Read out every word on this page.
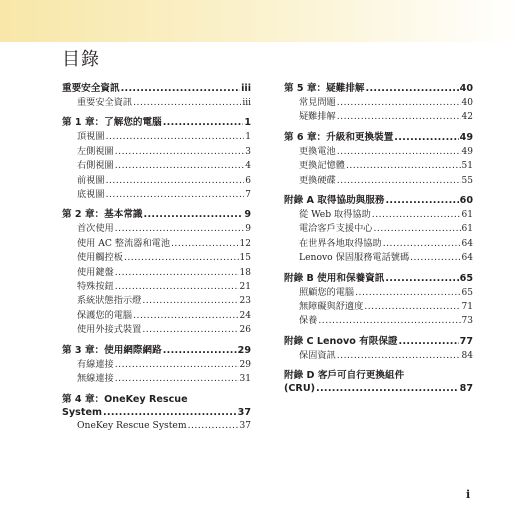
目錄
重要安全資訊 .....	iii
重要安全資訊 .....	iii
第 1 章：了解您的電腦 .....	1
頂視圖 .....	1
左側視圖 .....	3
右側視圖 .....	4
前視圖 .....	6
底視圖 .....	7
第 2 章：基本常識 .....	9
首次使用 .....	9
使用 AC 整流器和電池 .....	12
使用觸控板 .....	15
使用鍵盤 .....	18
特殊按鈕 .....	21
系統狀態指示燈 .....	23
保護您的電腦 .....	24
使用外接式裝置 .....	26
第 3 章：使用網際網路 .....	29
有線連接 .....	29
無線連接 .....	31
第 4 章：OneKey Rescue
System .....	37
OneKey Rescue System .....	37
第 5 章：疑難排解 .....	40
常見問題 .....	40
疑難排解 .....	42
第 6 章：升級和更換裝置 .....	49
更換電池 .....	49
更換記憶體 .....	51
更換硬碟 .....	55
附錄 A 取得協助與服務 .....	60
從 Web 取得協助 .....	61
電洽客戶支援中心 .....	61
在世界各地取得協助 .....	64
Lenovo 保固服務電話號碼 .....	64
附錄 B 使用和保養資訊 .....	65
照顧您的電腦 .....	65
無障礙與舒適度 .....	71
保養 .....	73
附錄 C Lenovo 有限保證 .....	77
保固資訊 .....	84
附錄 D 客戶可自行更換組件
(CRU) .....	87
i
